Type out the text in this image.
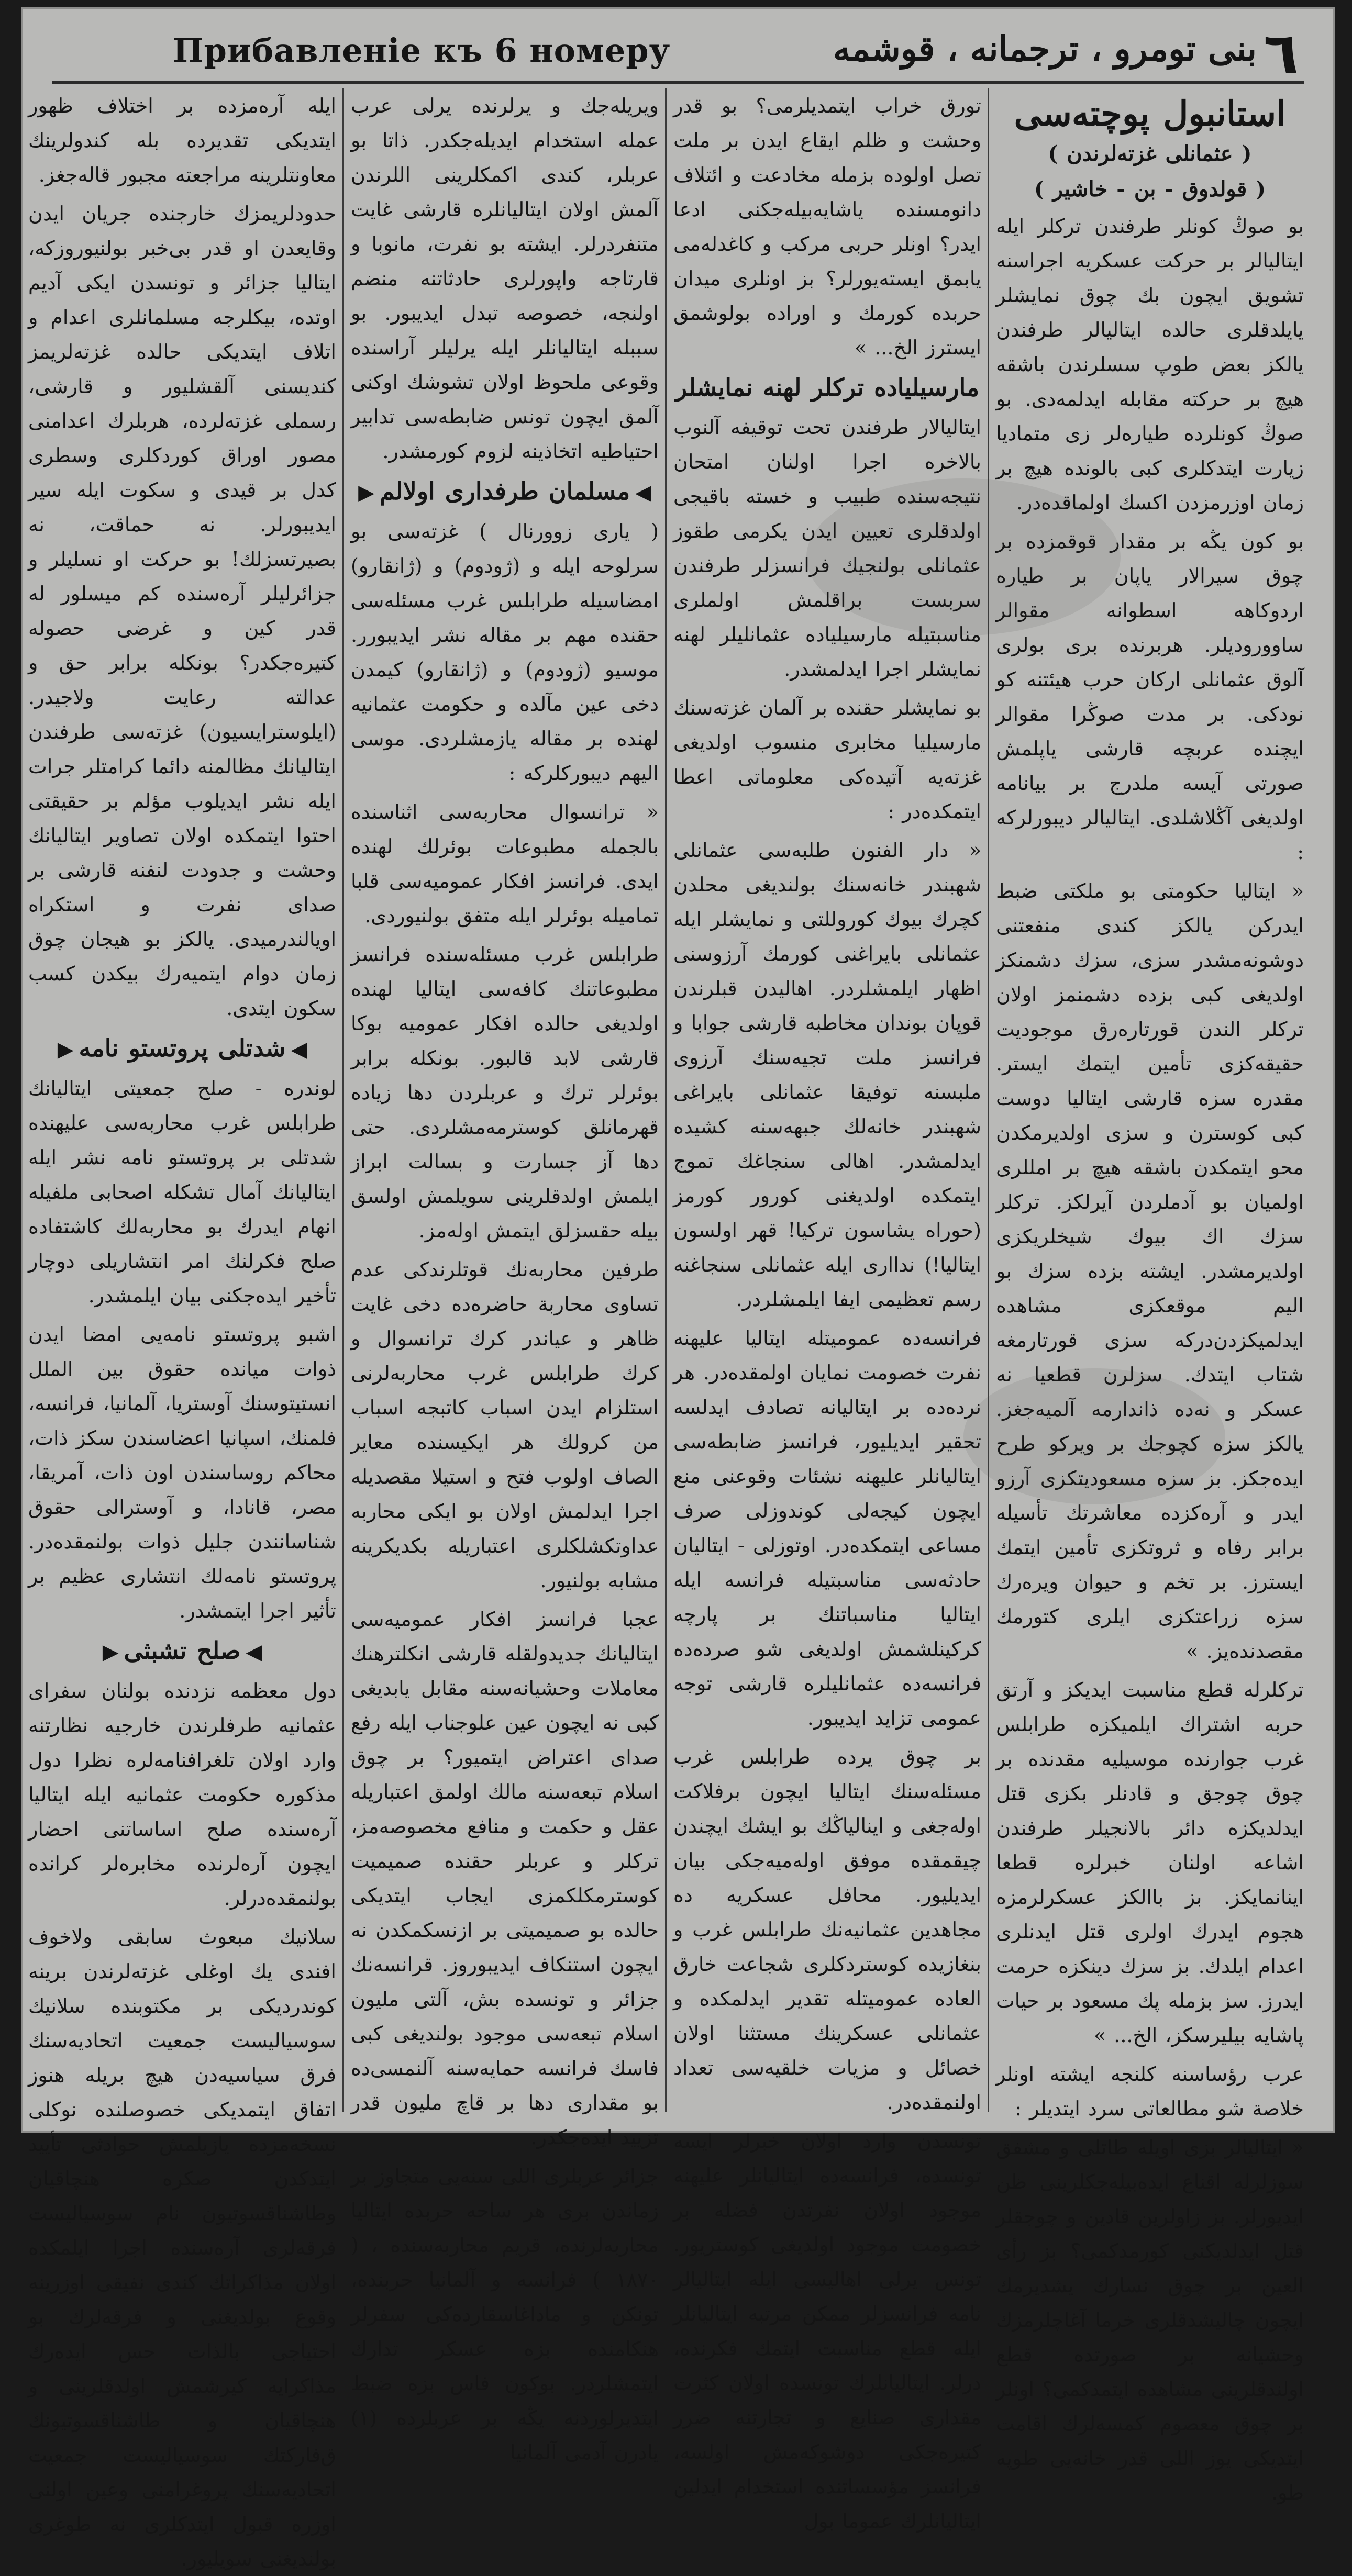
Прибавленіе къ 6 номеру	بنى تومرو ، ترجمانه ، قوشمه ٦
استانبول پوچته‌سى
( عثمانلى غزته‌لرندن )
( قولدوق - بن - خاشير )

بو صوڭ كونلر طرفندن تركلر ايله ايتاليالر بر حركت عسكريه اجراسنه تشويق ايچون بك چوق نمايشلر يايلدقلرى حالده ايتاليالر طرفندن يالكز بعض طوپ سسلرندن باشقه هيچ بر حركته مقابله ايدلمه‌دى. بو صوڭ كونلرده طياره‌لر زى متماديا زيارت ايتدكلرى كبى بالونده هيچ بر زمان اوزرمزدن اكسك اولماقده‌در.

بو كون يڭه بر مقدار قوقمزده بر چوق سيرالار ياپان بر طياره اردوكاهه اسطوانه مقوالر ساووروديلر. هربرنده برى بولرى آلوق عثمانلى اركان حرب هيئتنه كو نودكى. بر مدت صوڭرا مقوالر ايچنده عربچه قارشى ياپلمش صورتى آيسه ملدرج بر بيانامه اولديغى آڭلاشلدى. ايتاليالر ديبورلركه :

« ايتاليا حكومتى بو ملكتى ضبط ايدركن يالكز كندى منفعتنى دوشونه‌مشدر سزى، سزك دشمنكز اولديغى كبى بزده دشمنمز اولان تركلر الندن قورتاره‌رق موجوديت حقيقه‌كزى تأمين ايتمك ايستر. مقدره سزه قارشى ايتاليا دوست كبى كوسترن و سزى اولديرمكدن محو ايتمكدن باشقه هيچ بر امللرى اولميان بو آدملردن آيرلكز. تركلر سزك اك بيوك شيخلريكزى اولديرمشدر. ايشته بزده سزك بو اليم موقعكزى مشاهده ايدلميكزدن‌دركه سزى قورتارمغه شتاب ايتدك. سزلرن قطعيا نه عسكر و نه‌ده ذاندارمه آلميه‌جغز. يالكز سزه كچوجك بر ويركو طرح ايده‌جكز. بز سزه مسعوديتكزى آرزو ايدر و آره‌كزده معاشرتك تأسيله برابر رفاه و ثروتكزى تأمين ايتمك ايسترز. بر تخم و حيوان ويره‌رك سزه زراعتكزى ايلرى كتورمك مقصدنده‌يز. »

تركلرله قطع مناسبت ايديكز و آرتق حربه اشتراك ايلميكزه طرابلس غرب جوارنده موسيليه مقدنده بر چوق چوجق و قادنلر بكزى قتل ايدلديكزه دائر بالانجيلر طرفندن اشاعه اولنان خبرلره قطعا اينانمايكز. بز باالكز عسكرلرمزه هجوم ايدرك اولرى قتل ايدنلرى اعدام ايلدك. بز سزك دينكزه حرمت ايدرز. سز بزمله پك مسعود بر حيات پاشايه بيليرسكز، الخ... »

عرب رؤساسنه كلنجه ايشته اونلر خلاصة شو مطالعاتى سرد ايتديلر :

« ايتاليالر بزى اويله طاتلى و مشفق سوزلرله اقناع ايده‌بيله‌جكلرينى ظن ايديورلر. بز زاولرين قادين و چوجقلر قتل ايدلديكنى كورمدكمى؟ بز رأى العين بر چوق نسارك يشديرمك ايچون چاليشدقلرى خرما آغاچلرمزك وحشيانه بر صورتده قطع اولندقلرينى مشاهده ايتمدكمى؟ اونلر بر چوق معصوم كمسه‌لرك اقامت ايتديكى يوز اللى قدر خانه‌يى طوپه طو.

تورق خراب ايتمديلرمى؟ بو قدر وحشت و ظلم ايقاع ايدن بر ملت تصل اولوده بزمله مخادعت و ائتلاف دانومسنده ياشايه‌بيله‌جكنى ادعا ايدر؟ اونلر حربى مركب و كاغدله‌مى يابمق ايسته‌يورلر؟ بز اونلرى ميدان حربده كورمك و اوراده بولوشمق ايسترز الخ... »

مارسيلياده تركلر لهنه نمايشلر

ايتاليالار طرفندن تحت توقيفه آلنوب بالاخره اجرا اولنان امتحان نتيجه‌سنده طبيب و خسته باقيجى اولدقلرى تعيين ايدن يكرمى طقوز عثمانلى بولنجيك فرانسزلر طرفندن سربست براقلمش اولملرى مناسبتيله مارسيلياده عثمانليلر لهنه نمايشلر اجرا ايدلمشدر.

بو نمايشلر حقنده بر آلمان غزته‌سنك مارسيليا مخابرى منسوب اولديغى غزته‌يه آتيده‌كى معلوماتى اعطا ايتمكده‌در :

« دار الفنون طلبه‌سى عثمانلى شهبندر خانه‌سنك بولنديغى محلدن كچرك بيوك كوروللتى و نمايشلر ايله عثمانلى بايراغنى كورمك آرزوسنى اظهار ايلمشلردر. اهاليدن قبلرندن قوپان بوندان مخاطبه قارشى جوابا و فرانسز ملت تجيه‌سنك آرزوى ملبسنه توفيقا عثمانلى بايراغى شهبندر خانه‌لك جبهه‌سنه كشيده ايدلمشدر. اهالى سنجاغك تموج ايتمكده اولديغنى كورور كورمز (حوراه يشاسون تركيا! قهر اولسون ايتاليا!) نداارى ايله عثمانلى سنجاغنه رسم تعظيمى ايفا ايلمشلردر.

فرانسه‌ده عموميتله ايتاليا عليهنه نفرت خصومت نمايان اولمقده‌در. هر نرده‌ده بر ايتاليانه تصادف ايدلسه تحقير ايديليور، فرانسز ضابطه‌سى ايتاليانلر عليهنه نشئات وقوعنى منع ايچون كيجه‌لى كوندوزلى صرف مساعى ايتمكده‌در. اوتوزلى - ايتاليان حادثه‌سى مناسبتيله فرانسه ايله ايتاليا مناسباتنك بر پارچه كركينلشمش اولديغى شو صرده‌ده فرانسه‌ده عثمانليلره قارشى توجه عمومى تزايد ايديبور.

بر چوق يرده طرابلس غرب مسئله‌سنك ايتاليا ايچون برفلاكت اوله‌جغى و اينالياڭك بو ايشك ايچندن چيقمقده موفق اوله‌ميه‌جكى بيان ايديليور. محافل عسكريه ده مجاهدين عثمانيه‌نك طرابلس غرب و بنغازيده كوستردكلرى شجاعت خارق العاده عموميتله تقدير ايدلمكده و عثمانلى عسكرينك مستثنا اولان خصائل و مزيات خلقيه‌سى تعداد اولنمقده‌در.

تونسدن وارد اولان خبرلر ايسه تونسده، فرانسه‌ده ايتاليانلر عليهنه موجود اولان نفرتدن فضله بر خصومت موجود اولديغى كوستريور. تونس يرلى اهاليسى ايله ايتاليالر نامه فرانسزلر ممكن مرتبه ايتاليانلر ايله قطع مناسبت ايتمك فكرنده، درلر. ايتاليانلرك تونسده اولان كثرت مقدارى صنايع و تجارتنه ضرر كتيره‌جكى دوشوكه‌مش اولسه، فرانسز مؤسساتنده استخدام ايدلين ايتاليانلرك عموما بول

ويريله‌جك و يرلرنده يرلى عرب عمله استخدام ايديله‌جكدر. ذاتا بو عربلر، كندى اكمكلرينى اللرندن آلمش اولان ايتاليانلره قارشى غايت متنفردرلر. ايشته بو نفرت، مانوبا و قارتاجه واپورلرى حادثاتنه منضم اولنجه، خصوصه تبدل ايديبور. بو سببله ايتاليانلر ايله يرليلر آراسنده وقوعى ملحوظ اولان تشوشك اوكنى آلمق ايچون تونس ضابطه‌سى تدابير احتياطيه اتخاذينه لزوم كورمشدر.

◀مسلمان طرفدارى اولالم▶

( يارى زوورنال ) غزته‌سى بو سرلوحه ايله و (ژودوم) و (ژانقارو) امضاسيله طرابلس غرب مسئله‌سى حقنده مهم بر مقاله نشر ايديبورر. موسيو (ژودوم) و (ژانقارو) كيمدن دخى عين مآلده و حكومت عثمانيه لهنده بر مقاله يازمشلردى. موسى اليهم ديبوركلركه :

« ترانسوال محاربه‌سى اثناسنده بالجمله مطبوعات بوئرلك لهنده ايدى. فرانسز افكار عموميه‌سى قلبا تماميله بوئرلر ايله متفق بولنيوردى.

طرابلس غرب مسئله‌سنده فرانسز مطبوعاتنك كافه‌سى ايتاليا لهنده اولديغى حالده افكار عموميه بوكا قارشى لابد قالبور. بونكله برابر بوئرلر ترك و عربلردن دها زياده قهرمانلق كوسترمه‌مشلردى. حتى دها آز جسارت و بسالت ابراز ايلمش اولدقلرينى سويلمش اولسق بيله حقسزلق ايتمش اوله‌مز.

طرفين محاربه‌نك قوتلرندكى عدم تساوى محاربة حاضره‌ده دخى غايت ظاهر و عياندر كرك ترانسوال و كرك طرابلس غرب محاربه‌لرنى استلزام ايدن اسباب كاتبجه اسباب من كرولك هر ايكيسنده معاير الصاف اولوب فتح و استيلا مقصديله اجرا ايدلمش اولان بو ايكى محاربه عداوتكشلكلرى اعتباريله بكديكرينه مشابه بولنيور.

عجبا فرانسز افكار عموميه‌سى ايتاليانك جديدولقله قارشى انكلترهنك معاملات وحشيانه‌سنه مقابل يابديغى كبى نه ايچون عين علوجناب ايله رفع صداى اعتراض ايتميور؟ بر چوق اسلام تبعه‌سنه مالك اولمق اعتباريله عقل و حكمت و منافع مخصوصه‌مز، تركلر و عربلر حقنده صميميت كوسترمكلكمزى ايجاب ايتديكى حالده بو صميميتى بر ازنسكمكدن نه ايچون استنكاف ايديبوروز. قرانسه‌نك جزائر و تونسده بش، آلتى مليون اسلام تبعه‌سى موجود بولنديغى كبى فاسك فرانسه حمايه‌سنه آلنمسى‌ده بو مقدارى دها بر قاچ مليون قدر تزييد ايده‌جكدر.

جزائر عربلرى اللى سنه‌يى متجاوز بر زماندن برى هر ساحه حربده ايتاليا محاربه‌لرنده، قريم محاربه‌سنده ، ( ١٨٧٠ ) فرانسه و آلمانيا حربنده، تونكن و ماداغاسقارده‌كى سفرلر هنكامنده بزه عسكر تدارك ايتمشلردر. بوكون فاس بزه ضبط ايتديرلوردنه يڭه بر عربلرده (١) يادرن آدمى آلمانيا

ايله آره‌مزده بر اختلاف ظهور ايتديكى تقديرده بله كندولرينك معاونتلرينه مراجعته مجبور قاله‌جغز.

حدودلريمزك خارجنده جريان ايدن وقايعدن او قدر بى‌خبر بولنيوروزكه، ايتاليا جزائر و تونسدن ايكى آديم اوتده، بيكلرجه مسلمانلرى اعدام و اتلاف ايتديكى حالده غزته‌لريمز كنديسنى آلقشليور و قارشى، رسملى غزته‌لرده، هربلرك اعدامنى مصور اوراق كوردكلرى وسطرى كدل بر قيدى و سكوت ايله سير ايديبورلر. نه حماقت، نه بصيرتسزلك! بو حركت او نسليلر و جزائرليلر آره‌سنده كم ميسلور له قدر كين و غرضى حصوله كتيره‌جكدر؟ بونكله برابر حق و عدالته رعايت ولاجيدر. (ايلوسترايسيون) غزته‌سى طرفندن ايتاليانك مظالمنه دائما كرامتلر جرات ايله نشر ايديلوب مؤلم بر حقيقتى احتوا ايتمكده اولان تصاوير ايتاليانك وحشت و جدودت لنفنه قارشى بر صداى نفرت و استكراه اويالندرميدى. يالكز بو هيجان چوق زمان دوام ايتميه‌رك بيكدن كسب سكون ايتدى.

◀شدتلى پروتستو نامه▶

لوندره - صلح جمعيتى ايتاليانك طرابلس غرب محاربه‌سى عليهنده شدتلى بر پروتستو نامه نشر ايله ايتاليانك آمال تشكله اصحابى ملفيله انهام ايدرك بو محاربه‌لك كاشتفاده صلح فكرلنك امر انتشاريلى دوچار تأخير ايده‌جكنى بيان ايلمشدر.

اشبو پروتستو نامه‌يى امضا ايدن ذوات ميانده حقوق بين الملل انستيتوسنك آوستريا، آلمانيا، فرانسه، فلمنك، اسپانيا اعضاسندن سكز ذات، محاكم روساسندن اون ذات، آمريقا، مصر، قانادا، و آوسترالى حقوق شناسانندن جليل ذوات بولنمقده‌در. پروتستو نامه‌لك انتشارى عظيم بر تأثير اجرا ايتمشدر.

◀صلح تشبثى▶

دول معظمه نزدنده بولنان سفراى عثمانيه طرفلرندن خارجيه نظارتنه وارد اولان تلغرافنامه‌لره نظرا دول مذكوره حكومت عثمانيه ايله ايتاليا آره‌سنده صلح اساساتنى احضار ايچون آره‌لرنده مخابره‌لر كرانده بولنمقده‌درلر.

سلانيك مبعوث سابقى ولاخوف افندى يك اوغلى غزته‌لرندن برينه كوندرديكى بر مكتوبنده سلانيك سوسياليست جمعيت اتحاديه‌سنك فرق سياسيه‌دن هيچ بريله هنوز اتفاق ايتمديكى خصوصلنده نوكلى نسخه‌مزده يازيلمش حوادثى تأييد ايتدكدن صكره هنچاقيان وطاشناقسوتيون نام سوسياليست فرقه‌لرى آره‌سنده اجرا ايلمكده اولان مذاكراتك كندى نفيقى اوزرينه وقوع بولديغنى و فرقه‌لرك بو احتياجى بالذات حس ايده‌رك مذاكرايه كيرشمش اولدقلرينى و هنچاقيان و طاشناقسوتيونك ق‌فاركتك سوسياليست جمعيت اتحاديه‌سنك پروغرامنى وعين اولنى اوزره قبول ايتدكلرى نه طوغرى بولنديغنى سويليور.
